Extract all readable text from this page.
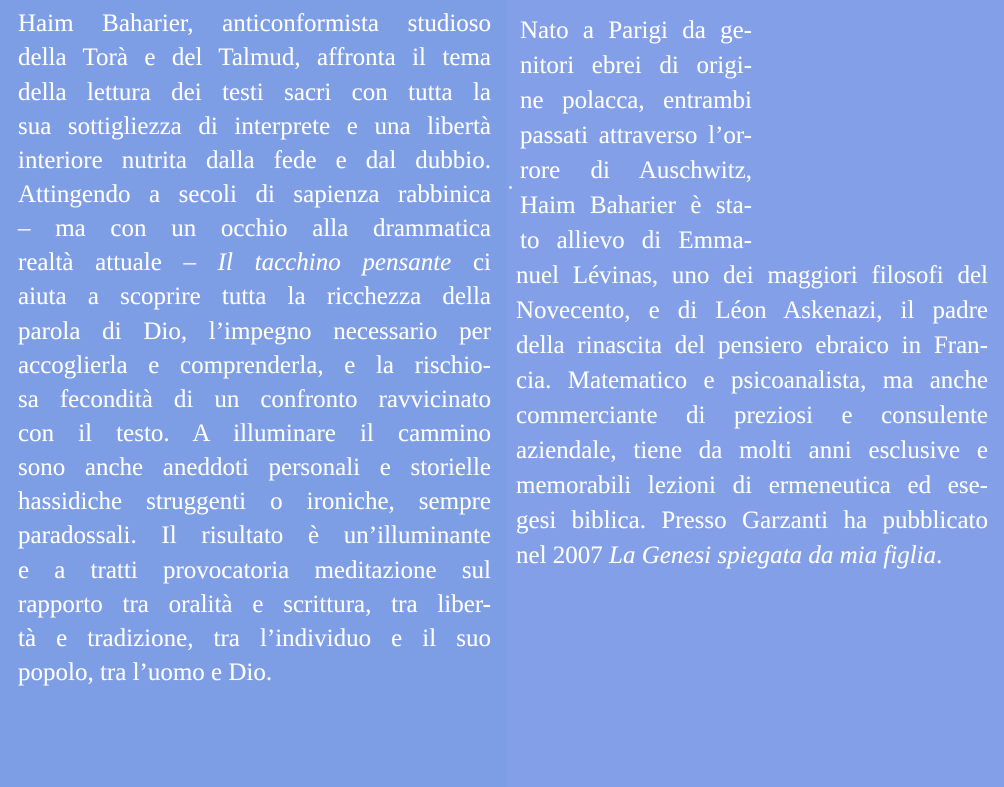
Haim Baharier, anticonformista studioso
della Torà e del Talmud, affronta il tema
della lettura dei testi sacri con tutta la
sua sottigliezza di interprete e una libertà
interiore nutrita dalla fede e dal dubbio.
Attingendo a secoli di sapienza rabbinica
– ma con un occhio alla drammatica
realtà attuale – Il tacchino pensante ci
aiuta a scoprire tutta la ricchezza della
parola di Dio, l’impegno necessario per
accoglierla e comprenderla, e la rischio-
sa fecondità di un confronto ravvicinato
con il testo. A illuminare il cammino
sono anche aneddoti personali e storielle
hassidiche struggenti o ironiche, sempre
paradossali. Il risultato è un’illuminante
e a tratti provocatoria meditazione sul
rapporto tra oralità e scrittura, tra liber-
tà e tradizione, tra l’individuo e il suo
popolo, tra l’uomo e Dio.
Nato a Parigi da ge-
nitori ebrei di origi-
ne polacca, entrambi
passati attraverso l’or-
rore di Auschwitz,
Haim Baharier è sta-
to allievo di Emma-
nuel Lévinas, uno dei maggiori filosofi del
Novecento, e di Léon Askenazi, il padre
della rinascita del pensiero ebraico in Fran-
cia. Matematico e psicoanalista, ma anche
commerciante di preziosi e consulente
aziendale, tiene da molti anni esclusive e
memorabili lezioni di ermeneutica ed ese-
gesi biblica. Presso Garzanti ha pubblicato
nel 2007 La Genesi spiegata da mia figlia.
